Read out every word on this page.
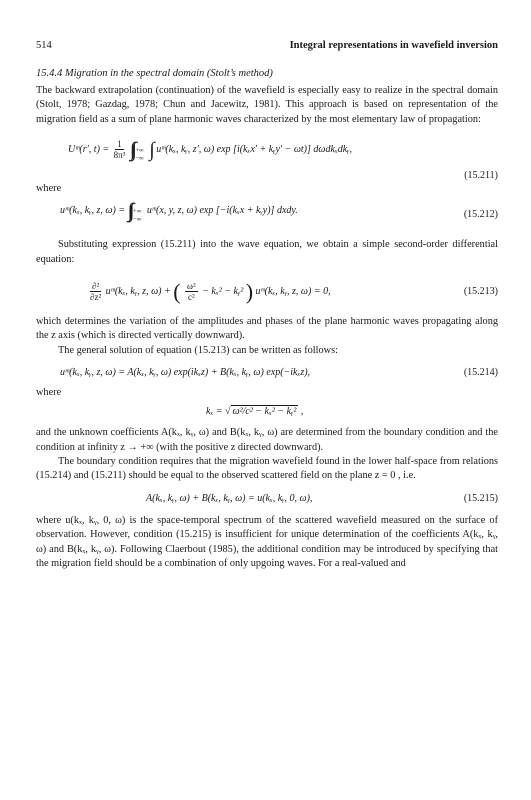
514	Integral representations in wavefield inversion
15.4.4 Migration in the spectral domain (Stolt’s method)

The backward extrapolation (continuation) of the wavefield is especially easy to realize in the spectral domain (Stolt, 1978; Gazdag, 1978; Chun and Jacewitz, 1981). This approach is based on representation of the migration field as a sum of plane harmonic waves characterized by the most elementary law of propagation:

Uᵐ(r′, $t) = \frac{1}{\text{8π³}}$ ∫∫ +∞
−∞ ∫ uᵐ(kₓ, kᵧ, z′, ω) exp [i(kₓx′ + kᵧy′ − ωt)] dωdkₓdkᵧ,
(15.211)

where

uᵐ(kₓ, kᵧ, z, ω) = ∫∫ +∞
−∞
uᵐ(x, y, z, ω) exp [−i(kₓx + kᵧy)] dxdy.	(15.212)

Substituting expression (15.211) into the wave equation, we obtain a simple second-order differential equation:

$\frac{\text{∂²}}{\text{∂z²}}$ uᵐ(kₓ, kᵧ, z, ω) + ( $\frac{\text{ω²}}{\text{c²}} - k_x^2$ − kᵧ² ) uᵐ(kₓ, kᵧ, z, ω) = 0,	(15.213)

which determines the variation of the amplitudes and phases of the plane harmonic waves propagating along the z axis (which is directed vertically downward).

The general solution of equation (15.213) can be written as follows:

uᵐ(kₓ, kᵧ, z, ω) = A(kₓ, kᵧ, ω) exp(ikₓz) + B(kₓ, kᵧ, ω) exp(−ikₓz),	(15.214)

where

kₓ = √ ω²/c² − kₓ² − kᵧ² ,

and the unknown coefficients A(kₓ, kᵧ, ω) and B(kₓ, kᵧ, ω) are determined from the boundary condition and the condition at infinity z → +∞ (with the positive z directed downward).

The boundary condition requires that the migration wavefield found in the lower half-space from relations (15.214) and (15.211) should be equal to the observed scattered field on the plane z = 0 , i.e.

A(kₓ, kᵧ, ω) + B(kₓ, kᵧ, ω) = u(kₓ, kᵧ, 0, ω),	(15.215)

where u(kₓ, kᵧ, 0, ω) is the space-temporal spectrum of the scattered wavefield measured on the surface of observation. However, condition (15.215) is insufficient for unique determination of the coefficients A(kₓ, kᵧ, ω) and B(kₓ, kᵧ, ω). Following Claerbout (1985), the additional condition may be introduced by specifying that the migration field should be a combination of only upgoing waves. For a real-valued and
